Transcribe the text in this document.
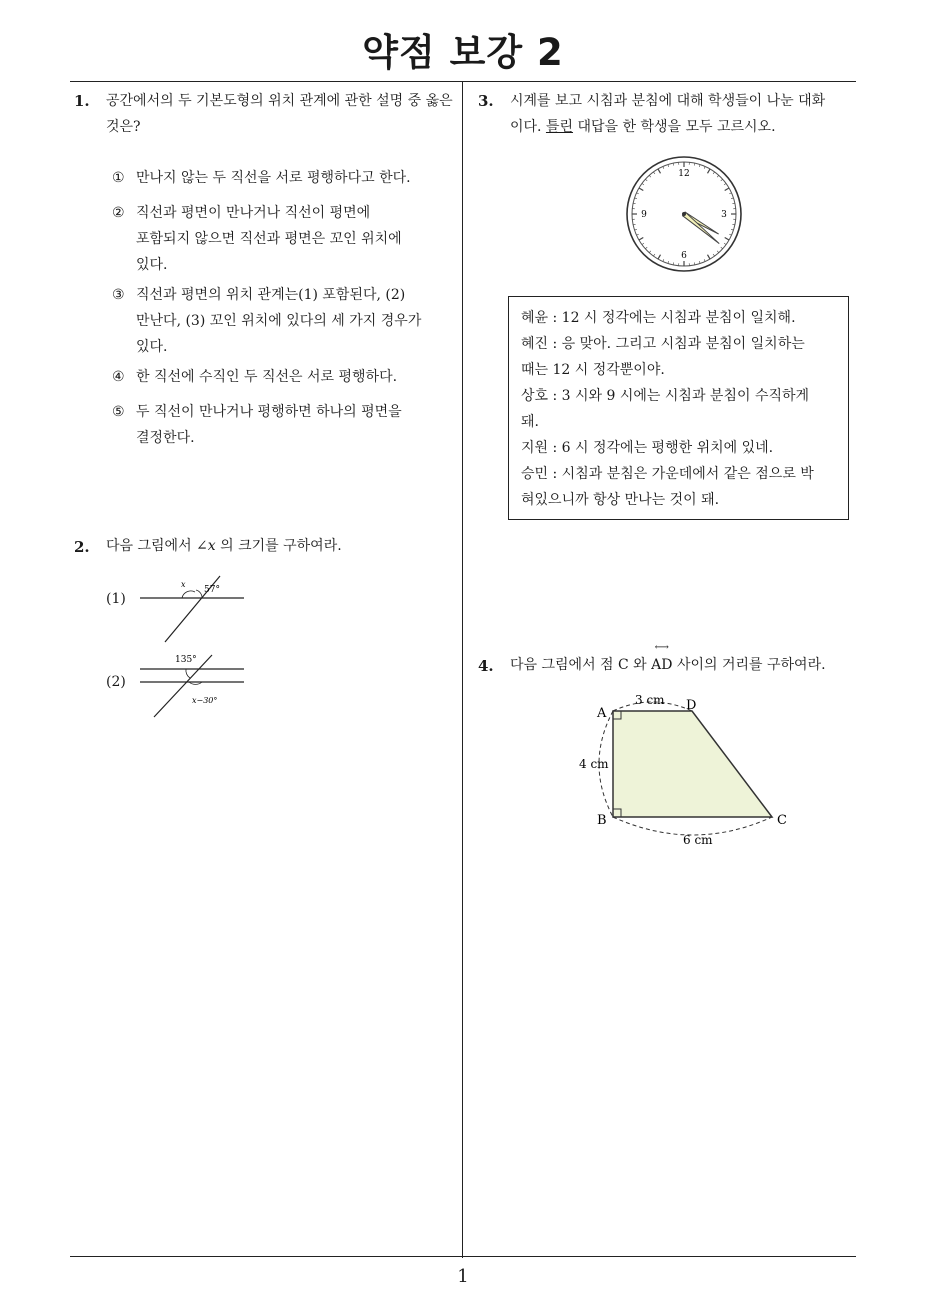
약점 보강 2
1. 공간에서의 두 기본도형의 위치 관계에 관한 설명 중 옳은 것은?
① 만나지 않는 두 직선을 서로 평행하다고 한다.
② 직선과 평면이 만나거나 직선이 평면에
포함되지 않으면 직선과 평면은 꼬인 위치에
있다.
③ 직선과 평면의 위치 관계는(1) 포함된다, (2)
만난다, (3) 꼬인 위치에 있다의 세 가지 경우가
있다.
④ 한 직선에 수직인 두 직선은 서로 평행하다.
⑤ 두 직선이 만나거나 평행하면 하나의 평면을
결정한다.
2. 다음 그림에서 ∠x 의 크기를 구하여라.
(1)
x
57°
(2)
135°
x−30°
3. 시계를 보고 시침과 분침에 대해 학생들이 나눈 대화
이다. 틀린 대답을 한 학생을 모두 고르시오.
12
3
6
9
혜윤 : 12 시 정각에는 시침과 분침이 일치해.
혜진 : 응 맞아. 그리고 시침과 분침이 일치하는
때는 12 시 정각뿐이야.
상호 : 3 시와 9 시에는 시침과 분침이 수직하게
돼.
지원 : 6 시 정각에는 평행한 위치에 있네.
승민 : 시침과 분침은 가운데에서 같은 점으로 박
혀있으니까 항상 만나는 것이 돼.
4. 다음 그림에서 점 C 와
⟷
AD 사이의 거리를 구하여라.
A
B	C
D
3 cm
4 cm
6 cm
1
